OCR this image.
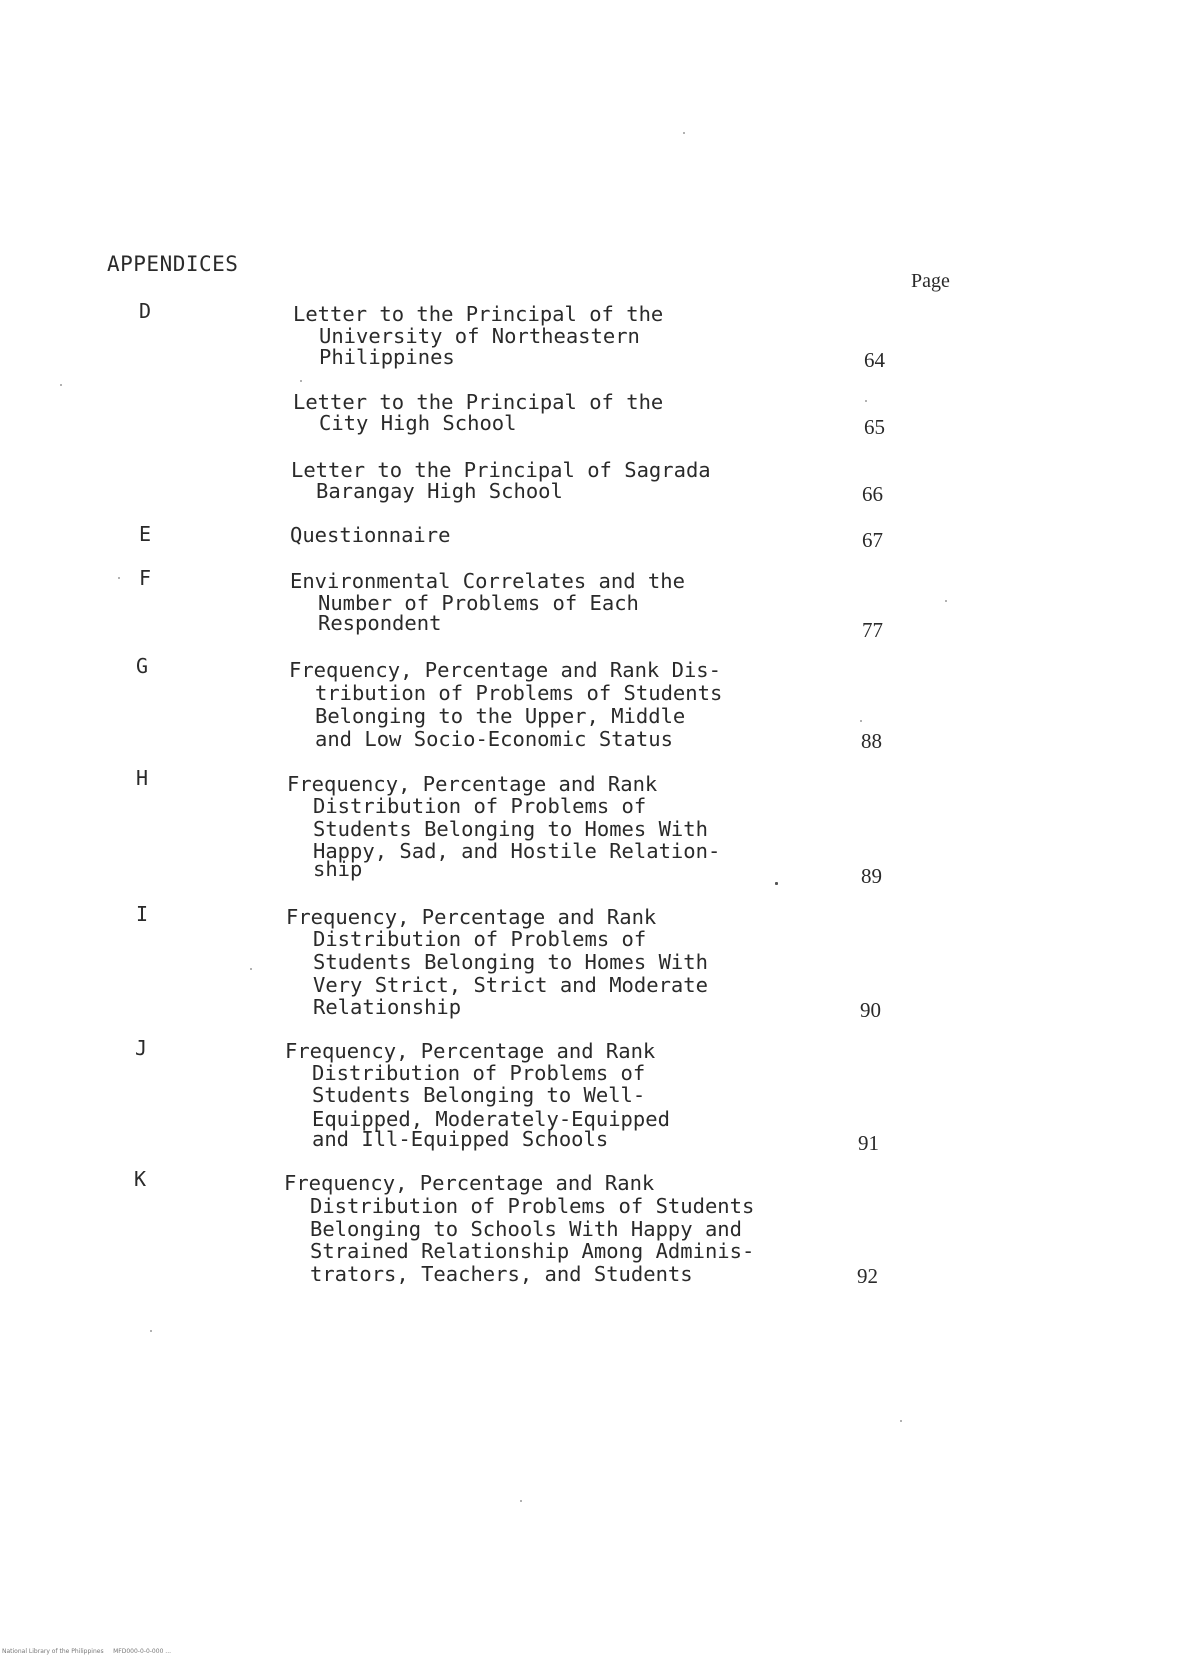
APPENDICES
Page
D	Letter to the Principal of the
University of Northeastern
Philippines	64
Letter to the Principal of the
City High School	65
Letter to the Principal of Sagrada
Barangay High School	66
E	Questionnaire	67
F	Environmental Correlates and the
Number of Problems of Each
Respondent	77
G	Frequency, Percentage and Rank Dis-
tribution of Problems of Students
Belonging to the Upper, Middle
and Low Socio-Economic Status	88
H	Frequency, Percentage and Rank
Distribution of Problems of
Students Belonging to Homes With
Happy, Sad, and Hostile Relation-
ship	89
I	Frequency, Percentage and Rank
Distribution of Problems of
Students Belonging to Homes With
Very Strict, Strict and Moderate
Relationship	90
J	Frequency, Percentage and Rank
Distribution of Problems of
Students Belonging to Well-
Equipped, Moderately-Equipped
and Ill-Equipped Schools	91
K	Frequency, Percentage and Rank
Distribution of Problems of Students
Belonging to Schools With Happy and
Strained Relationship Among Adminis-
trators, Teachers, and Students	92
National Library of the Philippines     MFD000-0-0-000 ...
